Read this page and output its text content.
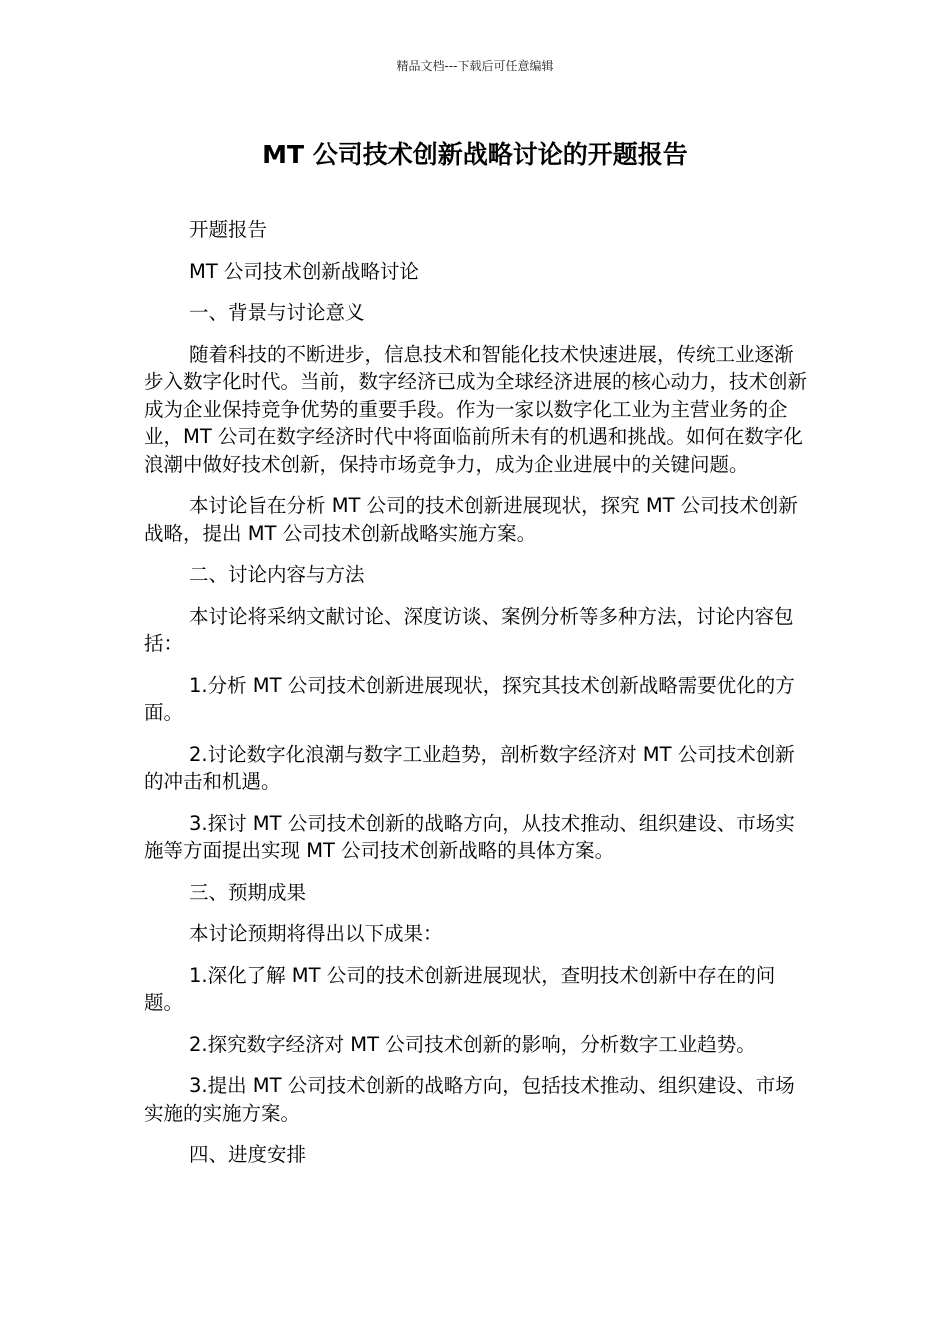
精品文档---下载后可任意编辑
MT 公司技术创新战略讨论的开题报告

开题报告

MT 公司技术创新战略讨论

一、背景与讨论意义

随着科技的不断进步，信息技术和智能化技术快速进展，传统工业逐渐步入数字化时代。当前，数字经济已成为全球经济进展的核心动力，技术创新成为企业保持竞争优势的重要手段。作为一家以数字化工业为主营业务的企业，MT 公司在数字经济时代中将面临前所未有的机遇和挑战。如何在数字化浪潮中做好技术创新，保持市场竞争力，成为企业进展中的关键问题。

本讨论旨在分析 MT 公司的技术创新进展现状，探究 MT 公司技术创新战略，提出 MT 公司技术创新战略实施方案。

二、讨论内容与方法

本讨论将采纳文献讨论、深度访谈、案例分析等多种方法，讨论内容包括：

1.分析 MT 公司技术创新进展现状，探究其技术创新战略需要优化的方面。

2.讨论数字化浪潮与数字工业趋势，剖析数字经济对 MT 公司技术创新的冲击和机遇。

3.探讨 MT 公司技术创新的战略方向，从技术推动、组织建设、市场实施等方面提出实现 MT 公司技术创新战略的具体方案。

三、预期成果

本讨论预期将得出以下成果：

1.深化了解 MT 公司的技术创新进展现状，查明技术创新中存在的问题。

2.探究数字经济对 MT 公司技术创新的影响，分析数字工业趋势。

3.提出 MT 公司技术创新的战略方向，包括技术推动、组织建设、市场实施的实施方案。

四、进度安排
